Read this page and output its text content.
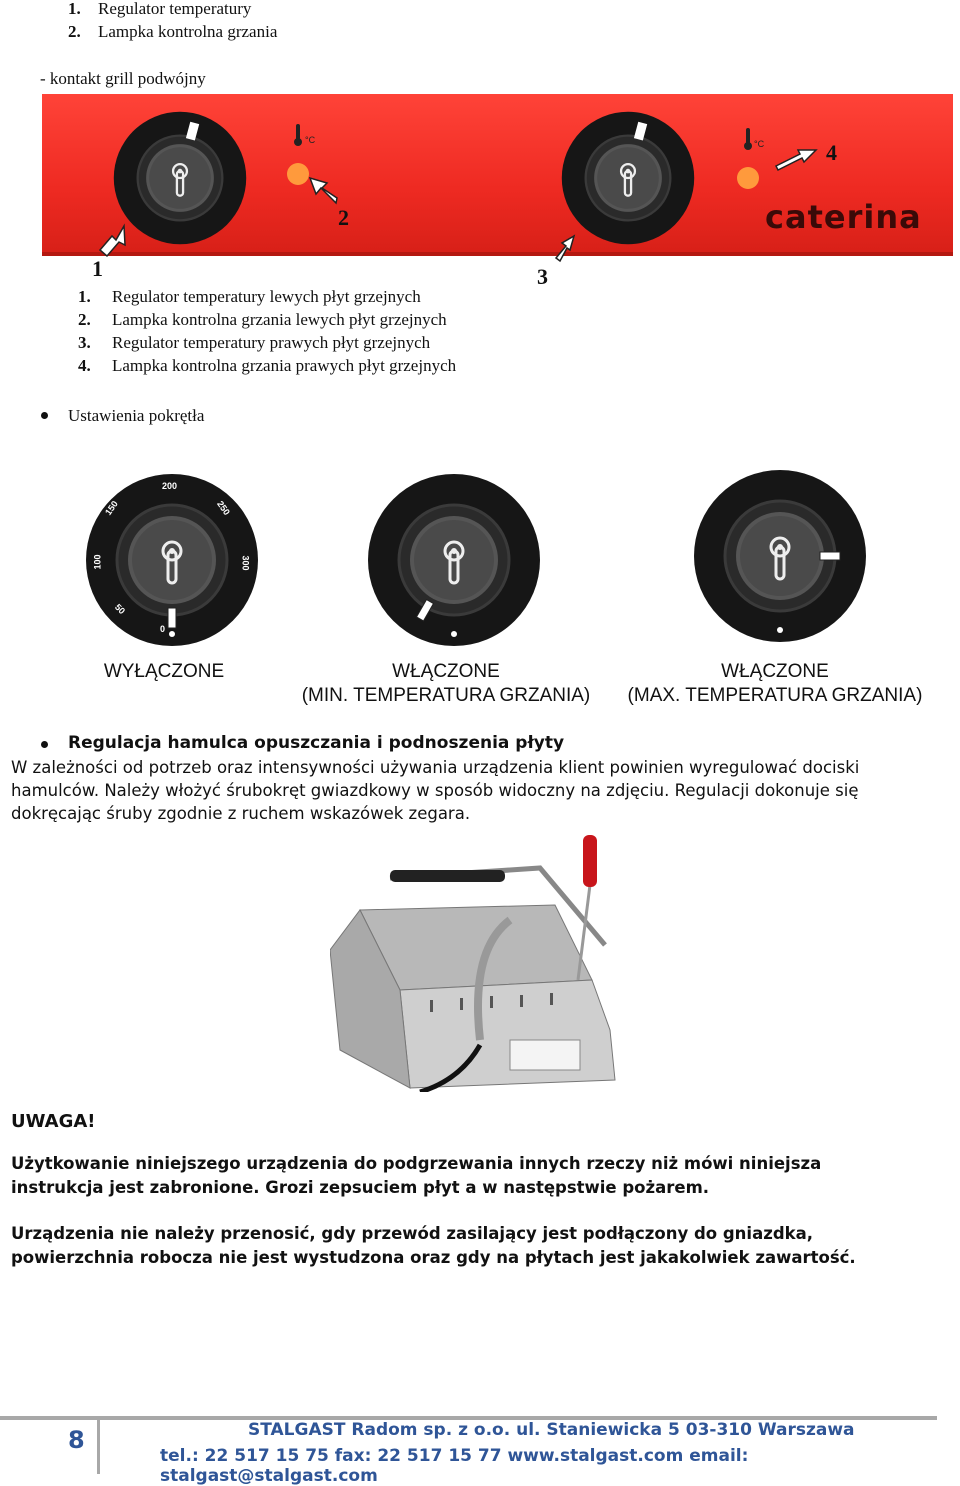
1. Regulator temperatury
2. Lampka kontrolna grzania
- kontakt grill podwójny
1
2
3
4
caterina
°C	°C
1. Regulator temperatury lewych płyt grzejnych
2. Lampka kontrolna grzania lewych płyt grzejnych
3. Regulator temperatury prawych płyt grzejnych
4. Lampka kontrolna grzania prawych płyt grzejnych
Ustawienia pokrętła
0
50
100
150
200
250
300
WYŁĄCZONE	WŁĄCZONE
(MIN. TEMPERATURA GRZANIA)
WŁĄCZONE
(MAX. TEMPERATURA GRZANIA)
Regulacja hamulca opuszczania i podnoszenia płyty
W zależności od potrzeb oraz intensywności używania urządzenia klient powinien wyregulować dociski
hamulców. Należy włożyć śrubokręt gwiazdkowy w sposób widoczny na zdjęciu. Regulacji dokonuje się
dokręcając śruby zgodnie z ruchem wskazówek zegara.
UWAGA!
Użytkowanie niniejszego urządzenia do podgrzewania innych rzeczy niż mówi niniejsza
instrukcja jest zabronione. Grozi zepsuciem płyt a w następstwie pożarem.
Urządzenia nie należy przenosić, gdy przewód zasilający jest podłączony do gniazdka,
powierzchnia robocza nie jest wystudzona oraz gdy na płytach jest jakakolwiek zawartość.
8	STALGAST Radom sp. z o.o. ul. Staniewicka 5 03-310 Warszawa
tel.: 22 517 15 75 fax: 22 517 15 77 www.stalgast.com email: stalgast@stalgast.com
